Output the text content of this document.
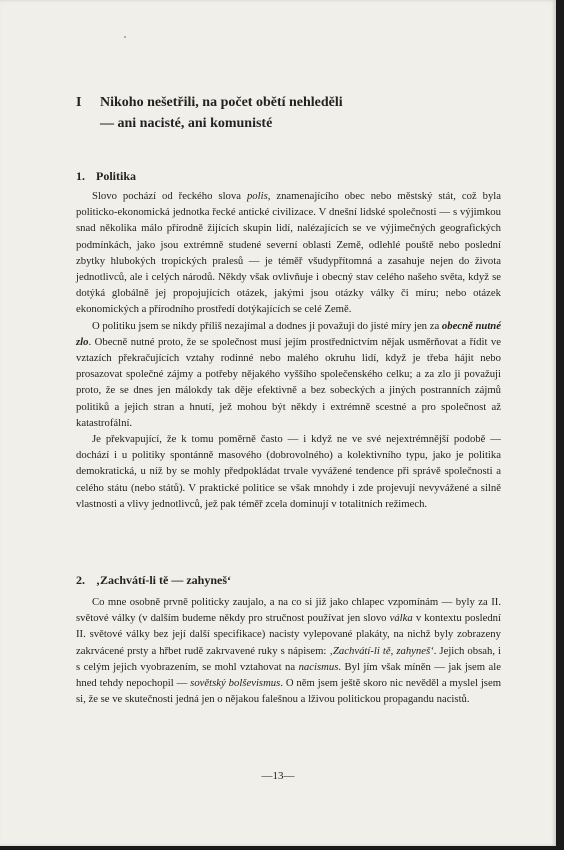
I Nikoho nešetřili, na počet obětí nehleděli
— ani nacisté, ani komunisté
1. Politika

Slovo pochází od řeckého slova polis, znamenajícího obec nebo městský stát, což byla politicko-ekonomická jednotka řecké antické civilizace. V dnešní lidské společnosti — s výjimkou snad několika málo přírodně žijících skupin lidí, nalézajících se ve výjimečných geografických podmínkách, jako jsou extrémně studené severní oblasti Země, odlehlé pouště nebo poslední zbytky hlubokých tropických pralesů — je téměř všudypřítomná a zasahuje nejen do života jednotlivců, ale i celých národů. Někdy však ovlivňuje i obecný stav celého našeho světa, když se dotýká globálně jej propojujících otázek, jakými jsou otázky války či míru; nebo otázek ekonomických a přírodního prostředí dotýkajících se celé Země.

O politiku jsem se nikdy příliš nezajímal a dodnes ji považuji do jisté míry jen za obecně nutné zlo. Obecně nutné proto, že se společnost musí jejím prostřednictvím nějak usměrňovat a řídit ve vztazích překračujících vztahy rodinné nebo malého okruhu lidí, když je třeba hájit nebo prosazovat společné zájmy a potřeby nějakého vyššího společenského celku; a za zlo ji považuji proto, že se dnes jen málokdy tak děje efektivně a bez sobeckých a jiných postranních zájmů politiků a jejich stran a hnutí, jež mohou být někdy i extrémně scestné a pro společnost až katastrofální.

Je překvapující, že k tomu poměrně často — i když ne ve své nejextrémnější podobě — dochází i u politiky spontánně masového (dobrovolného) a kolektivního typu, jako je politika demokratická, u níž by se mohly předpokládat trvale vyvážené tendence při správě společnosti a celého státu (nebo států). V praktické politice se však mnohdy i zde projevují nevyvážené a silně vlastnosti a vlivy jednotlivců, jež pak téměř zcela dominují v totalitních režimech.

2. ‚Zachvátí-li tě — zahyneš‘

Co mne osobně prvně politicky zaujalo, a na co si již jako chlapec vzpomínám — byly za II. světové války (v dalším budeme někdy pro stručnost používat jen slovo válka v kontextu poslední II. světové války bez její další specifikace) nacisty vylepované plakáty, na nichž byly zobrazeny zakrvácené prsty a hřbet rudě zakrvavené ruky s nápisem: ‚Zachvátí-li tě, zahyneš‘. Jejich obsah, i s celým jejich vyobrazením, se mohl vztahovat na nacismus. Byl jím však míněn — jak jsem ale hned tehdy nepochopil — sovětský bolševismus. O něm jsem ještě skoro nic nevěděl a myslel jsem si, že se ve skutečnosti jedná jen o nějakou falešnou a lživou politickou propagandu nacistů.

—13—
